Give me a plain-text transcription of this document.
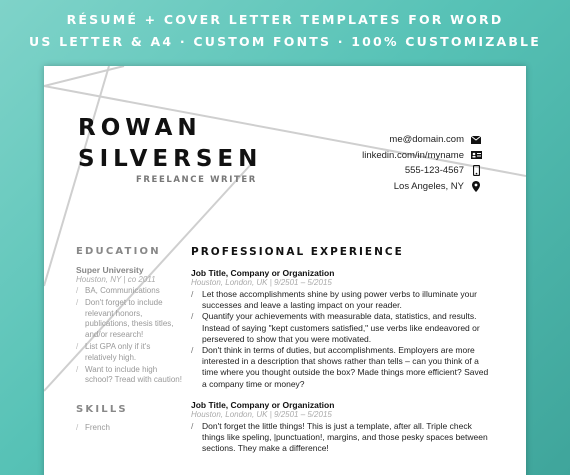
RÉSUMÉ + COVER LETTER TEMPLATES FOR WORD
US LETTER & A4 · CUSTOM FONTS · 100% CUSTOMIZABLE
ROWAN
SILVERSEN
FREELANCE WRITER
me@domain.com
linkedin.com/in/myname
555-123-4567
Los Angeles, NY
EDUCATION
Super University
Houston, NY | co 2011
/ BA, Communications
/ Don't forget to include relevant honors, publications, thesis titles, and/or research!
/ List GPA only if it's relatively high.
/ Want to include high school? Tread with caution!
SKILLS
/ French
PROFESSIONAL EXPERIENCE
Job Title, Company or Organization
Houston, London, UK | 9/2501 – 5/2015
/ Let those accomplishments shine by using power verbs to illuminate your successes and leave a lasting impact on your reader.
/ Quantify your achievements with measurable data, statistics, and results. Instead of saying "kept customers satisfied," use verbs like endeavored or persevered to show that you were motivated.
/ Don't think in terms of duties, but accomplishments. Employers are more interested in a description that shows rather than tells – can you think of a time where you thought outside the box? Made things more efficient? Saved a company time or money?
Job Title, Company or Organization
Houston, London, UK | 9/2501 – 5/2015
/ Don't forget the little things! This is just a template, after all. Triple check things like speling, |punctuation!, margins, and those pesky spaces between sections. They make a difference!
